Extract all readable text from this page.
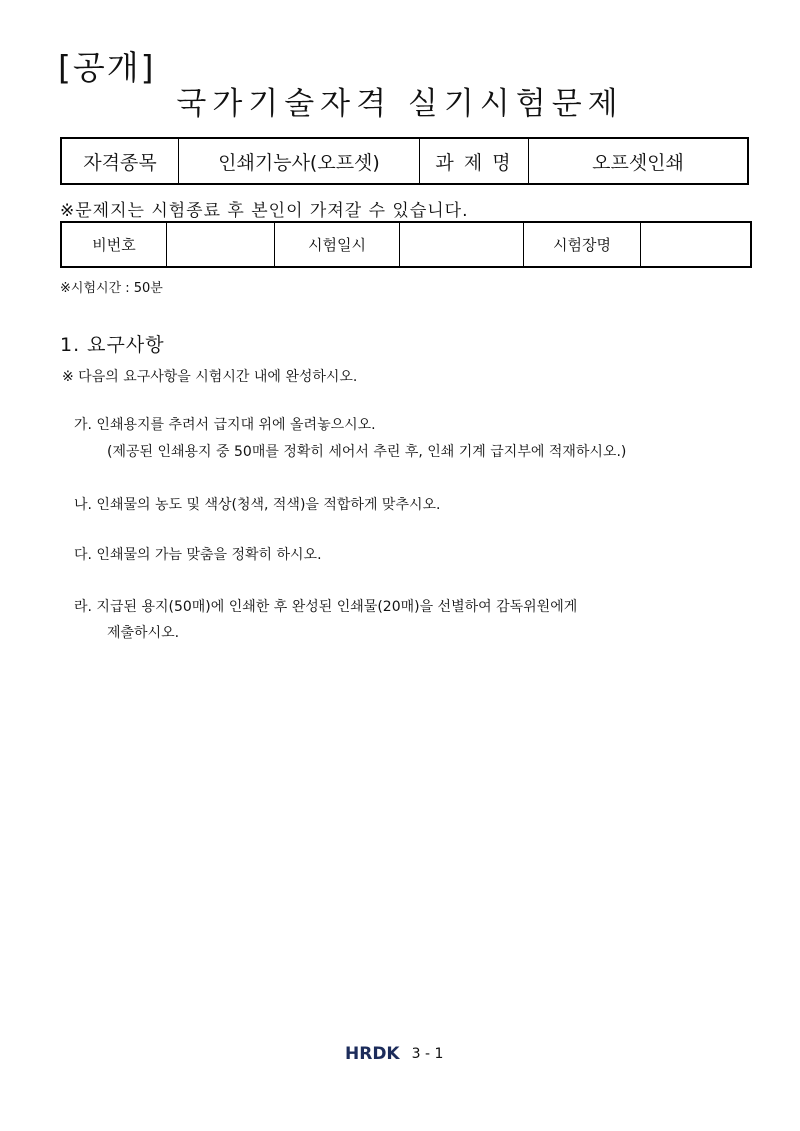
[공개]
국가기술자격 실기시험문제
자격종목	인쇄기능사(오프셋)	과 제 명	오프셋인쇄
※문제지는 시험종료 후 본인이 가져갈 수 있습니다.
비번호		시험일시		시험장명	
※시험시간 : 50분
1. 요구사항
※ 다음의 요구사항을 시험시간 내에 완성하시오.
가. 인쇄용지를 추려서 급지대 위에 올려놓으시오.
(제공된 인쇄용지 중 50매를 정확히 세어서 추린 후, 인쇄 기계 급지부에 적재하시오.)
나. 인쇄물의 농도 및 색상(청색, 적색)을 적합하게 맞추시오.
다. 인쇄물의 가늠 맞춤을 정확히 하시오.
라. 지급된 용지(50매)에 인쇄한 후 완성된 인쇄물(20매)을 선별하여 감독위원에게
제출하시오.
HRDK 3 - 1
